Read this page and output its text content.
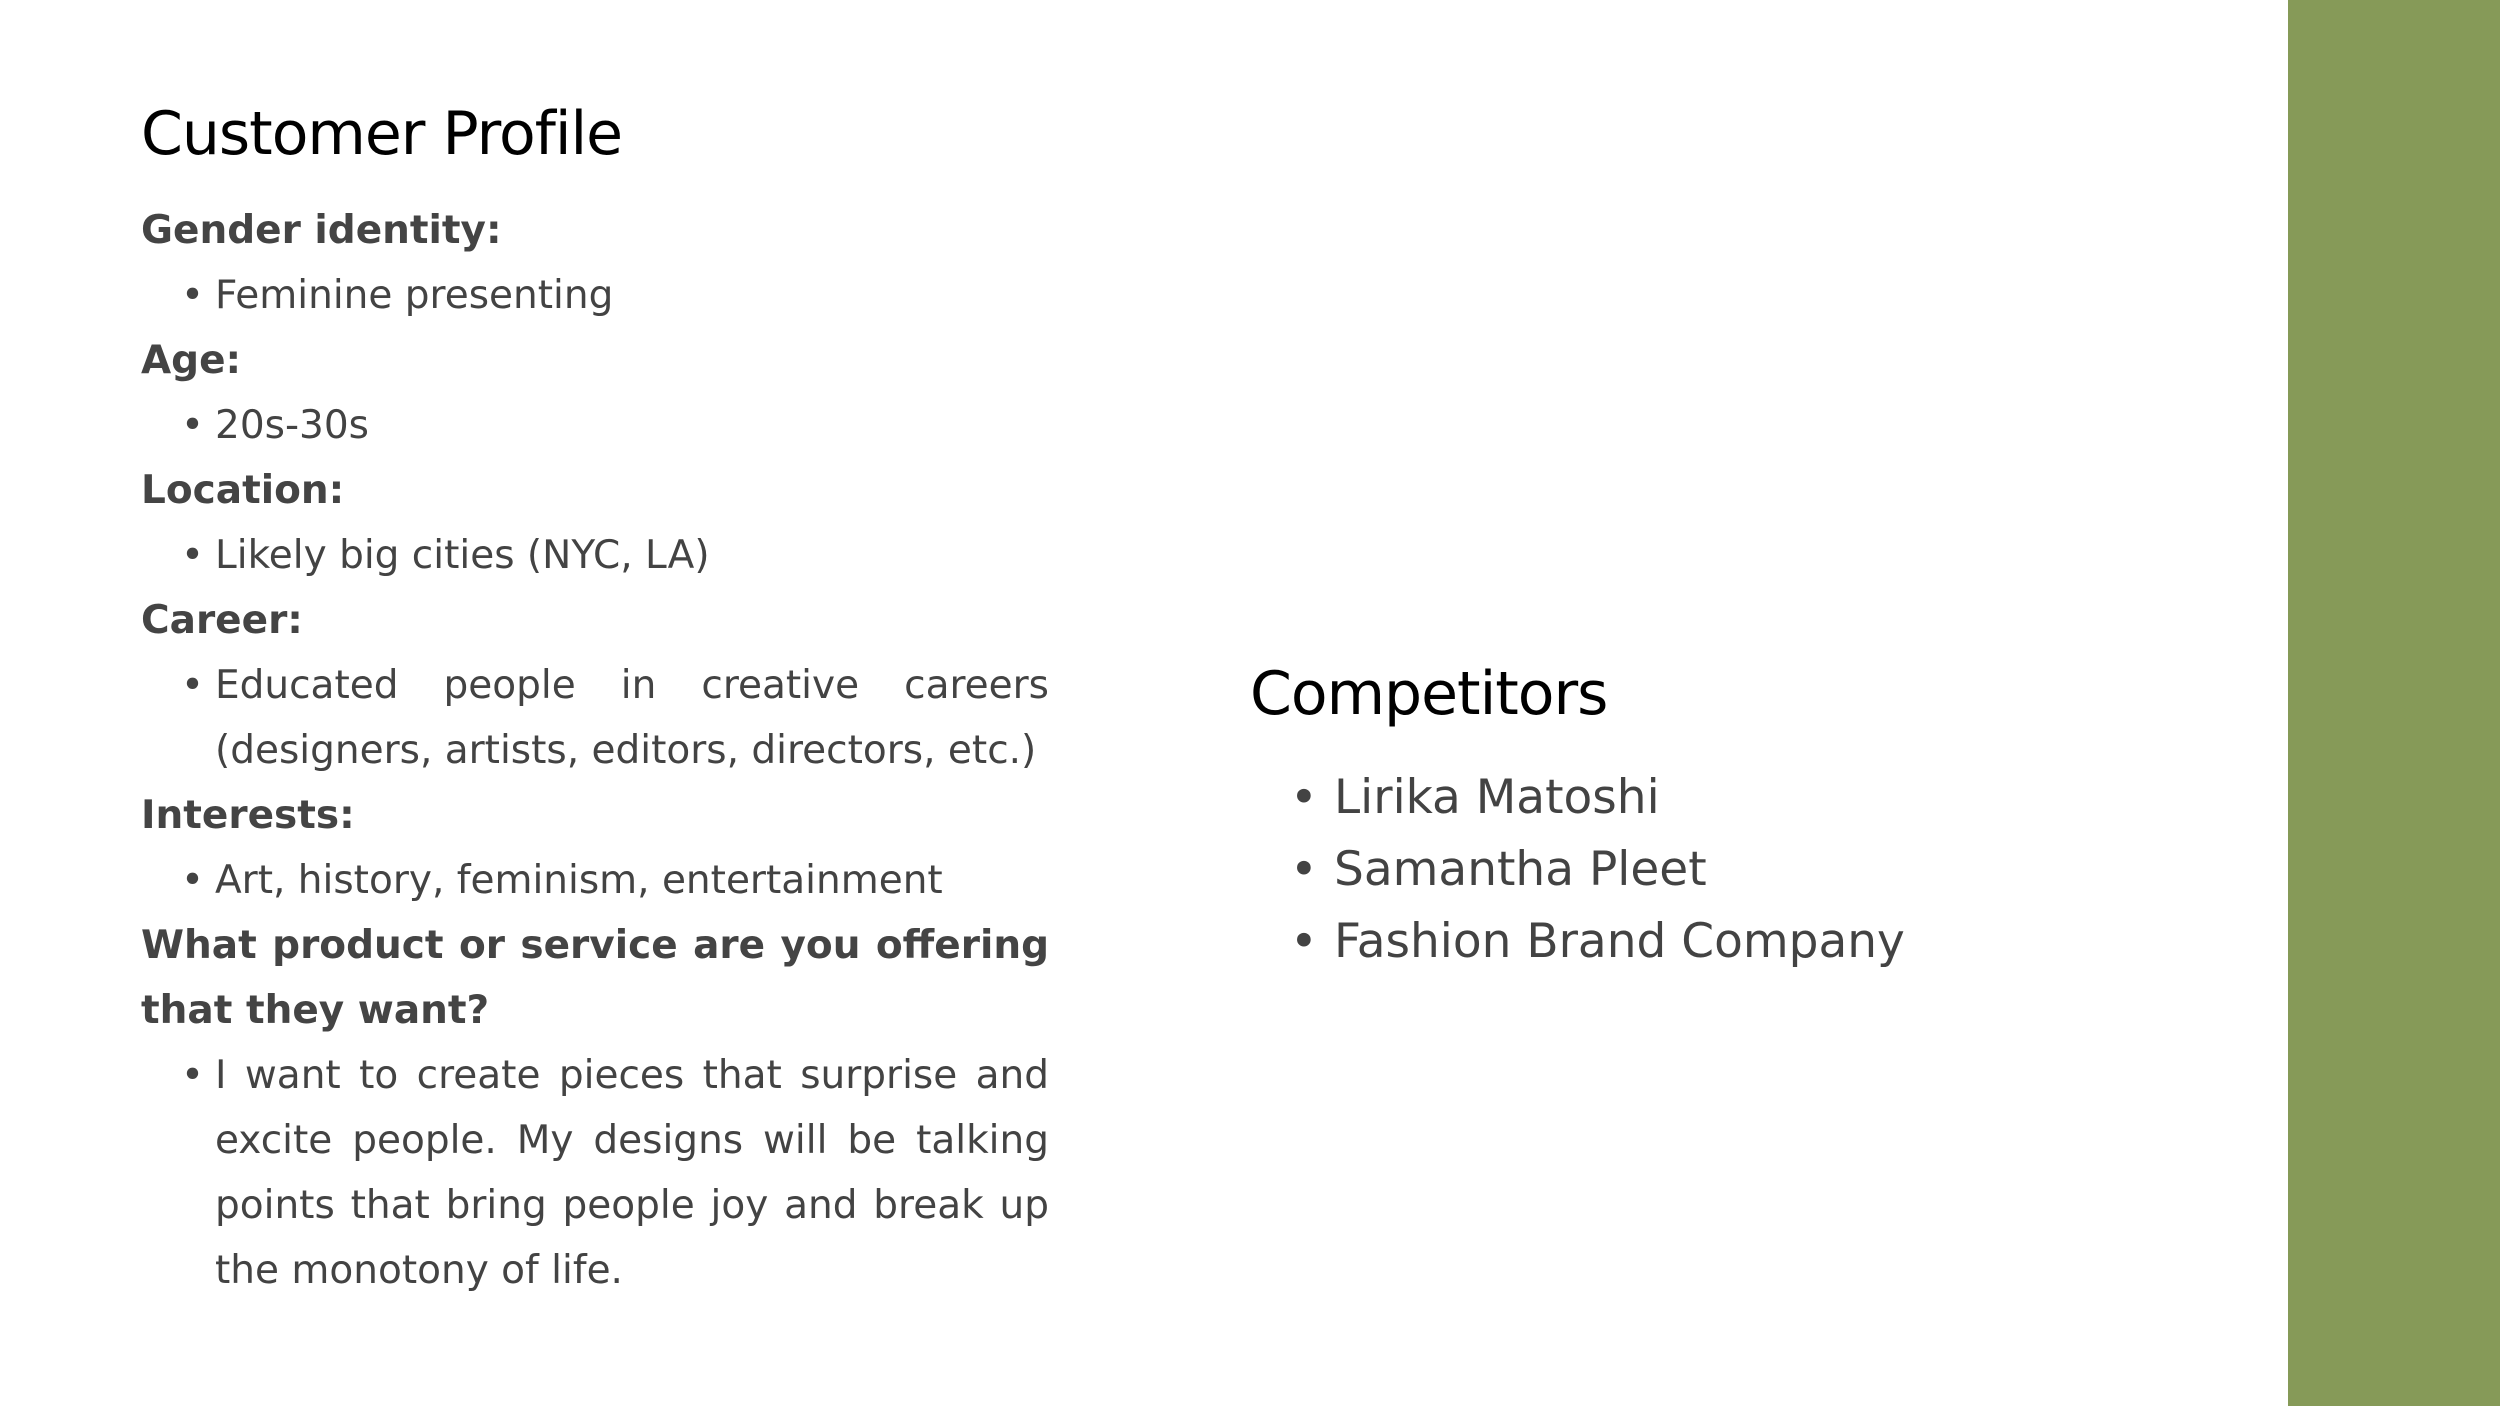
Customer Profile

Gender identity:

• Feminine presenting

Age:

• 20s-30s

Location:

• Likely big cities (NYC, LA)

Career:

• Educated people in creative careers (designers, artists, editors, directors, etc.)

Interests:

• Art, history, feminism, entertainment

What product or service are you offering that they want?

• I want to create pieces that surprise and excite people. My designs will be talking points that bring people joy and break up the monotony of life.
Competitors
• Lirika Matoshi
• Samantha Pleet
• Fashion Brand Company
